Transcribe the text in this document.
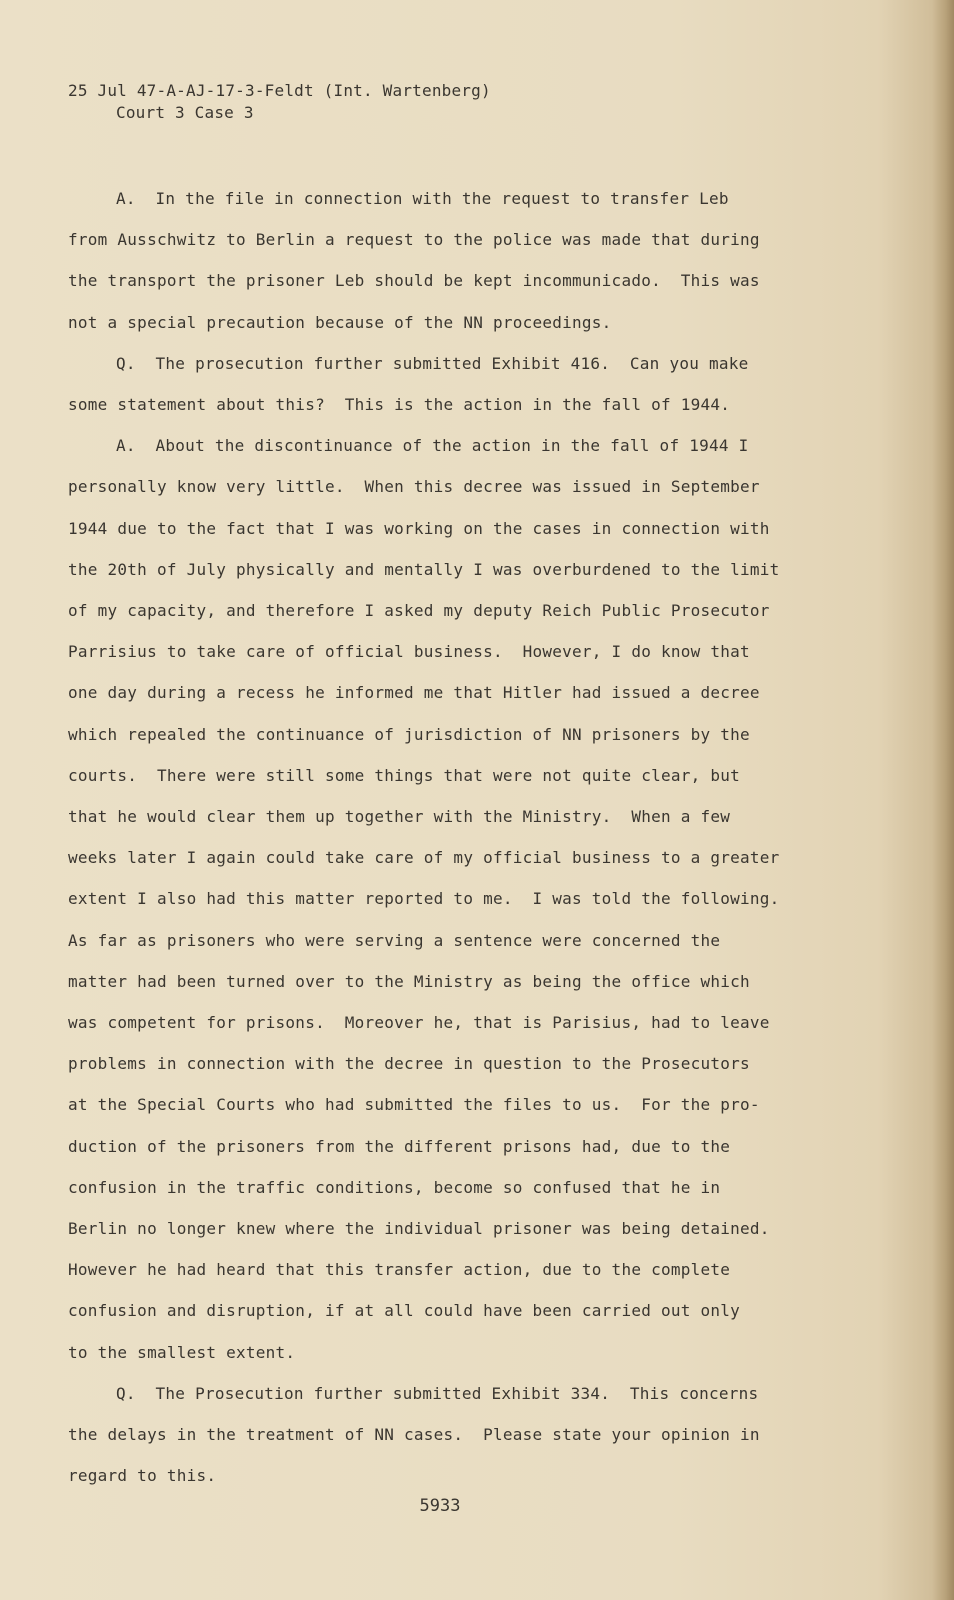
25 Jul 47-A-AJ-17-3-Feldt (Int. Wartenberg)
Court 3 Case 3
A.  In the file in connection with the request to transfer Leb
from Ausschwitz to Berlin a request to the police was made that during
the transport the prisoner Leb should be kept incommunicado.  This was
not a special precaution because of the NN proceedings.
Q.  The prosecution further submitted Exhibit 416.  Can you make
some statement about this?  This is the action in the fall of 1944.
A.  About the discontinuance of the action in the fall of 1944 I
personally know very little.  When this decree was issued in September
1944 due to the fact that I was working on the cases in connection with
the 20th of July physically and mentally I was overburdened to the limit
of my capacity, and therefore I asked my deputy Reich Public Prosecutor
Parrisius to take care of official business.  However, I do know that
one day during a recess he informed me that Hitler had issued a decree
which repealed the continuance of jurisdiction of NN prisoners by the
courts.  There were still some things that were not quite clear, but
that he would clear them up together with the Ministry.  When a few
weeks later I again could take care of my official business to a greater
extent I also had this matter reported to me.  I was told the following.
As far as prisoners who were serving a sentence were concerned the
matter had been turned over to the Ministry as being the office which
was competent for prisons.  Moreover he, that is Parisius, had to leave
problems in connection with the decree in question to the Prosecutors
at the Special Courts who had submitted the files to us.  For the pro-
duction of the prisoners from the different prisons had, due to the
confusion in the traffic conditions, become so confused that he in
Berlin no longer knew where the individual prisoner was being detained.
However he had heard that this transfer action, due to the complete
confusion and disruption, if at all could have been carried out only
to the smallest extent.
Q.  The Prosecution further submitted Exhibit 334.  This concerns
the delays in the treatment of NN cases.  Please state your opinion in
regard to this.
5933
